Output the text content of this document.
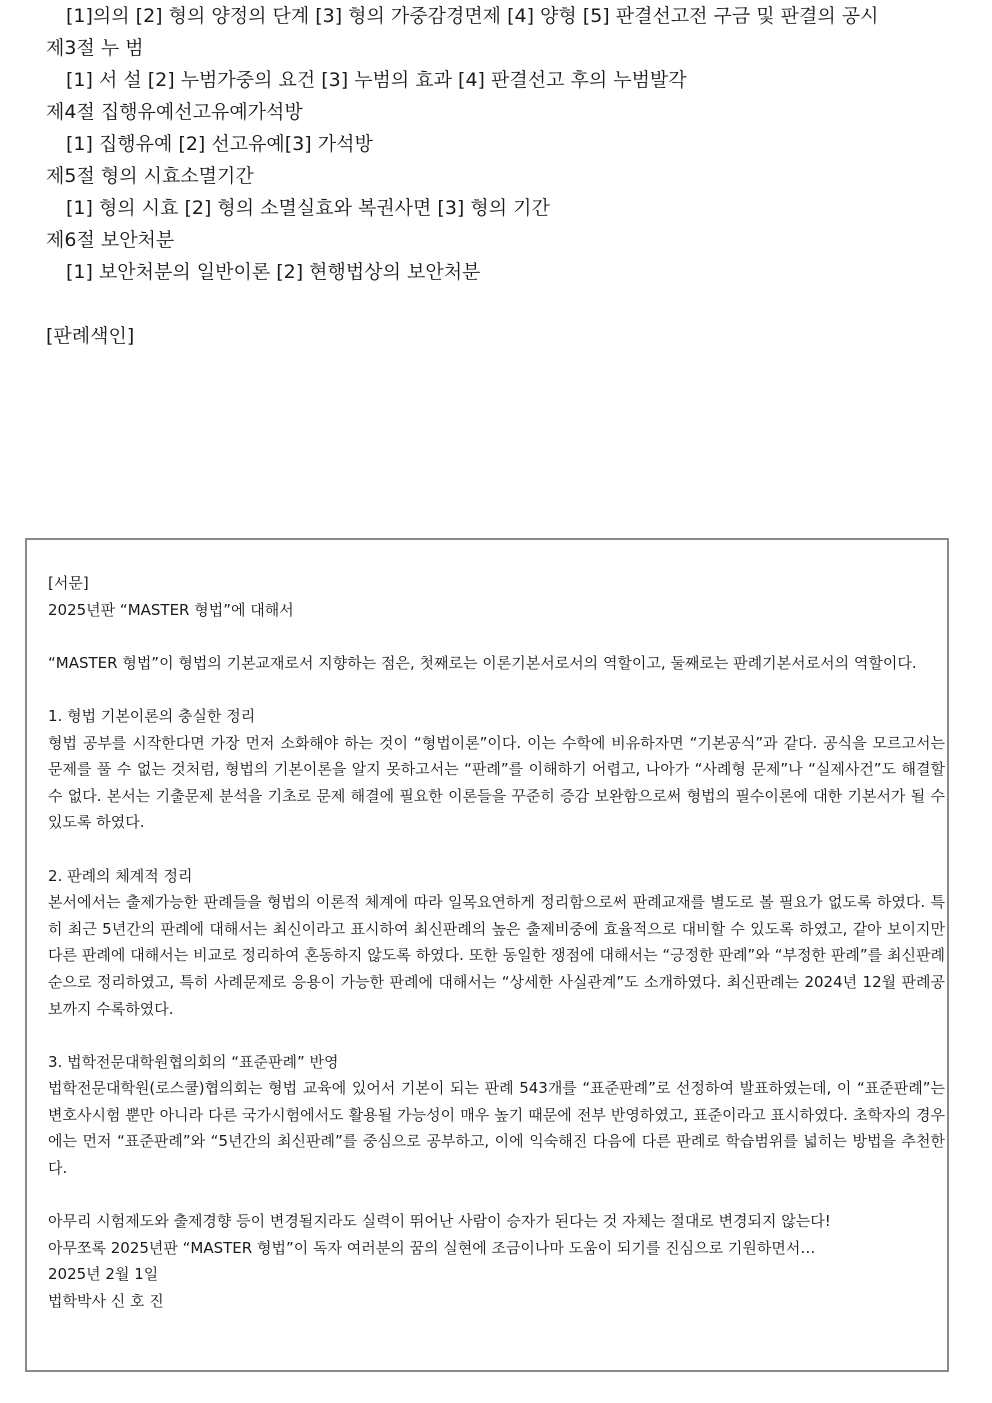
[1]의의 [2] 형의 양정의 단계 [3] 형의 가중감경면제 [4] 양형 [5] 판결선고전 구금 및 판결의 공시
제3절 누 범
[1] 서 설 [2] 누범가중의 요건 [3] 누범의 효과 [4] 판결선고 후의 누범발각
제4절 집행유예선고유예가석방
[1] 집행유예 [2] 선고유예[3] 가석방
제5절 형의 시효소멸기간
[1] 형의 시효 [2] 형의 소멸실효와 복권사면 [3] 형의 기간
제6절 보안처분
[1] 보안처분의 일반이론 [2] 현행법상의 보안처분
[판례색인]

[서문]

2025년판 “MASTER 형법”에 대해서

“MASTER 형법”이 형법의 기본교재로서 지향하는 점은, 첫째로는 이론기본서로서의 역할이고, 둘째로는 판례기본서로서의 역할이다.

1. 형법 기본이론의 충실한 정리

형법 공부를 시작한다면 가장 먼저 소화해야 하는 것이 “형법이론”이다. 이는 수학에 비유하자면 “기본공식”과 같다. 공식을 모르고서는 문제를 풀 수 없는 것처럼, 형법의 기본이론을 알지 못하고서는 “판례”를 이해하기 어렵고, 나아가 “사례형 문제”나 “실제사건”도 해결할 수 없다. 본서는 기출문제 분석을 기초로 문제 해결에 필요한 이론들을 꾸준히 증감 보완함으로써 형법의 필수이론에 대한 기본서가 될 수 있도록 하였다.

2. 판례의 체계적 정리

본서에서는 출제가능한 판례들을 형법의 이론적 체계에 따라 일목요연하게 정리함으로써 판례교재를 별도로 볼 필요가 없도록 하였다. 특히 최근 5년간의 판례에 대해서는 최신이라고 표시하여 최신판례의 높은 출제비중에 효율적으로 대비할 수 있도록 하였고, 같아 보이지만 다른 판례에 대해서는 비교로 정리하여 혼동하지 않도록 하였다. 또한 동일한 쟁점에 대해서는 “긍정한 판례”와 “부정한 판례”를 최신판례 순으로 정리하였고, 특히 사례문제로 응용이 가능한 판례에 대해서는 “상세한 사실관계”도 소개하였다. 최신판례는 2024년 12월 판례공보까지 수록하였다.

3. 법학전문대학원협의회의 “표준판례” 반영

법학전문대학원(로스쿨)협의회는 형법 교육에 있어서 기본이 되는 판례 543개를 “표준판례”로 선정하여 발표하였는데, 이 “표준판례”는 변호사시험 뿐만 아니라 다른 국가시험에서도 활용될 가능성이 매우 높기 때문에 전부 반영하였고, 표준이라고 표시하였다. 초학자의 경우에는 먼저 “표준판례”와 “5년간의 최신판례”를 중심으로 공부하고, 이에 익숙해진 다음에 다른 판례로 학습범위를 넓히는 방법을 추천한다.

아무리 시험제도와 출제경향 등이 변경될지라도 실력이 뛰어난 사람이 승자가 된다는 것 자체는 절대로 변경되지 않는다!

아무쪼록 2025년판 “MASTER 형법”이 독자 여러분의 꿈의 실현에 조금이나마 도움이 되기를 진심으로 기원하면서…

2025년 2월 1일

법학박사 신 호 진
